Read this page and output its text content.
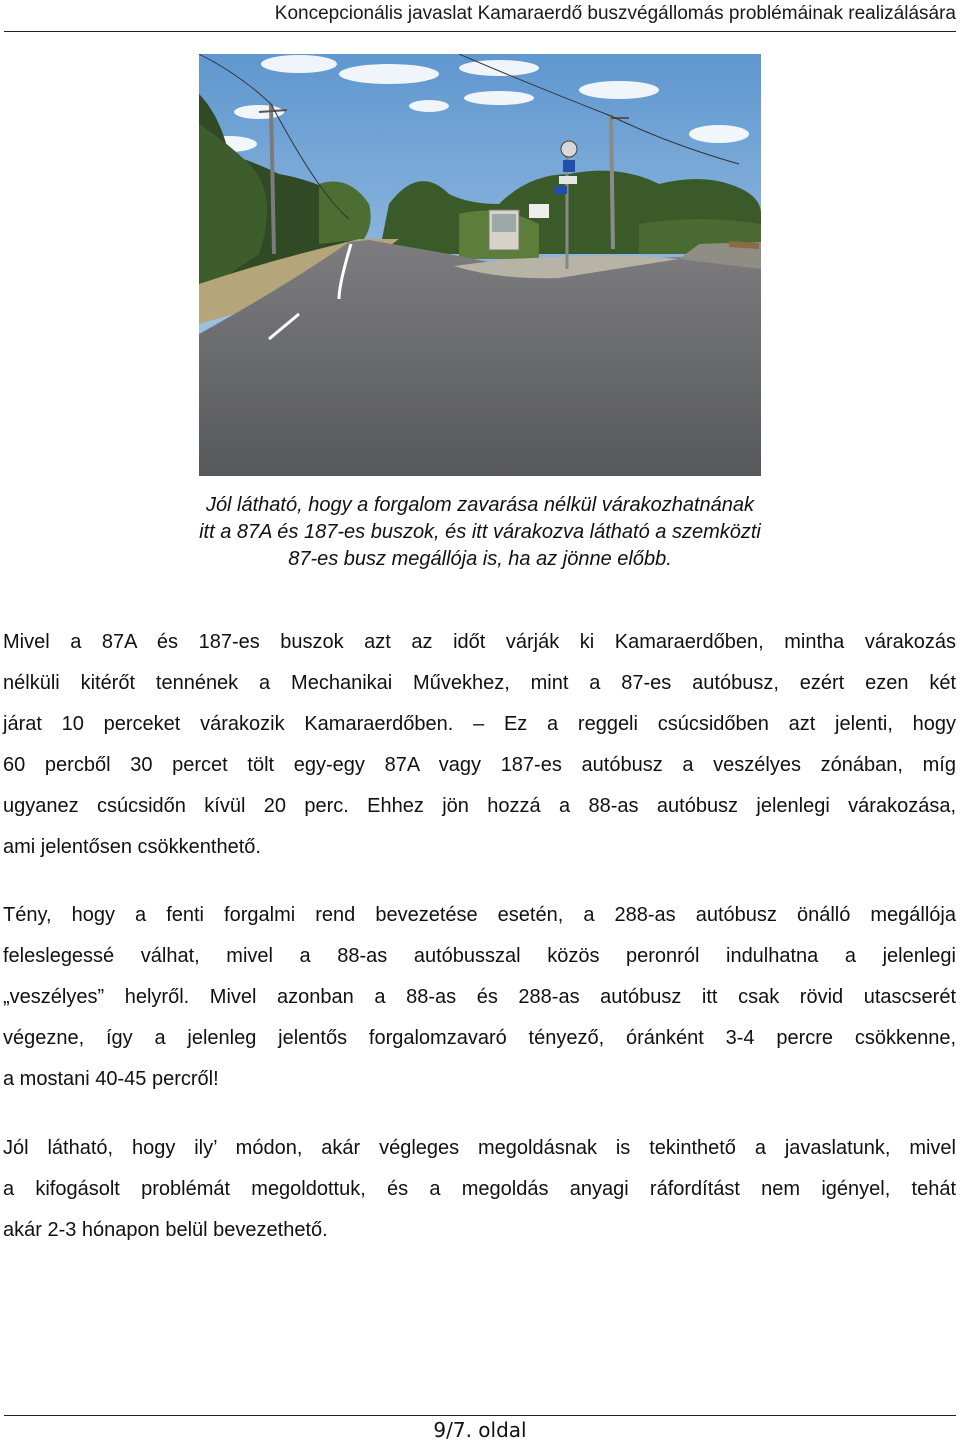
Koncepcionális javaslat Kamaraerdő buszvégállomás problémáinak realizálására
Jól látható, hogy a forgalom zavarása nélkül várakozhatnának
itt a 87A és 187-es buszok, és itt várakozva látható a szemközti
87-es busz megállója is, ha az jönne előbb.

Mivel a 87A és 187-es buszok azt az időt várják ki Kamaraerdőben, mintha várakozás
nélküli kitérőt tennének a Mechanikai Művekhez, mint a 87-es autóbusz, ezért ezen két
járat 10 perceket várakozik Kamaraerdőben. – Ez a reggeli csúcsidőben azt jelenti, hogy
60 percből 30 percet tölt egy-egy 87A vagy 187-es autóbusz a veszélyes zónában, míg
ugyanez csúcsidőn kívül 20 perc. Ehhez jön hozzá a 88-as autóbusz jelenlegi várakozása,
ami jelentősen csökkenthető.

Tény, hogy a fenti forgalmi rend bevezetése esetén, a 288-as autóbusz önálló megállója
feleslegessé válhat, mivel a 88-as autóbusszal közös peronról indulhatna a jelenlegi
„veszélyes” helyről. Mivel azonban a 88-as és 288-as autóbusz itt csak rövid utascserét
végezne, így a jelenleg jelentős forgalomzavaró tényező, óránként 3-4 percre csökkenne,
a mostani 40-45 percről!

Jól látható, hogy ily’ módon, akár végleges megoldásnak is tekinthető a javaslatunk, mivel
a kifogásolt problémát megoldottuk, és a megoldás anyagi ráfordítást nem igényel, tehát
akár 2-3 hónapon belül bevezethető.

9/7. oldal
